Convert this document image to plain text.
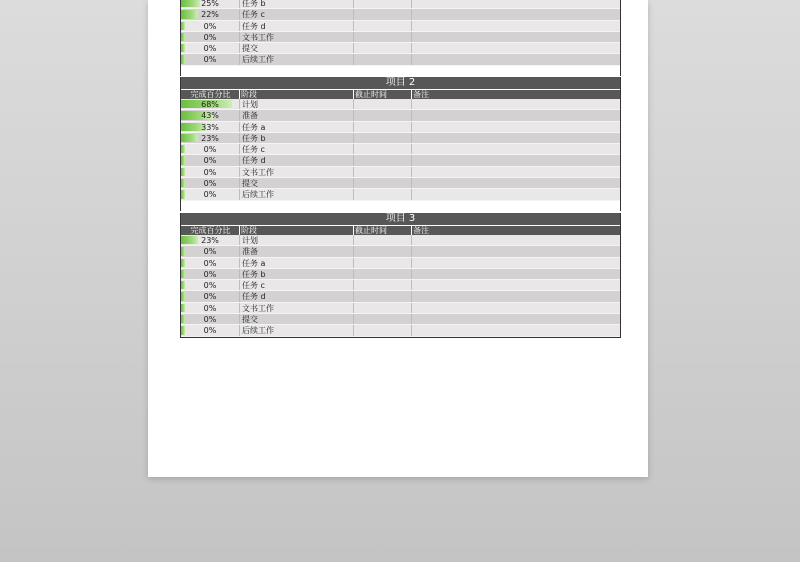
25%	任务 b
22%	任务 c
0%	任务 d
0%	文书工作
0%	提交
0%	后续工作
项目 2
完成百分比	阶段	截止时间	备注
68%	计划
43%	准备
33%	任务 a
23%	任务 b
0%	任务 c
0%	任务 d
0%	文书工作
0%	提交
0%	后续工作
项目 3
完成百分比	阶段	截止时间	备注
23%	计划
0%	准备
0%	任务 a
0%	任务 b
0%	任务 c
0%	任务 d
0%	文书工作
0%	提交
0%	后续工作
